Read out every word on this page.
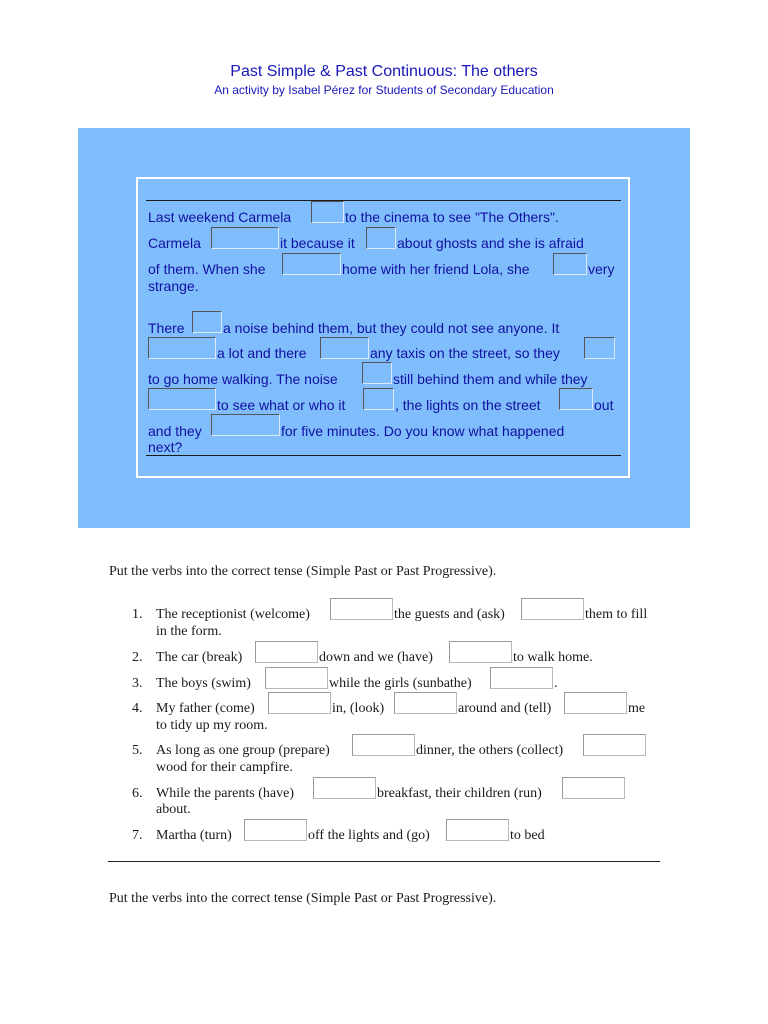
Past Simple & Past Continuous: The others
An activity by Isabel Pérez for Students of Secondary Education
Last weekend Carmela	to the cinema to see "The Others".
Carmela	it because it	about ghosts and she is afraid
of them. When she	home with her friend Lola, she	very
strange.
There	a noise behind them, but they could not see anyone. It
a lot and there	any taxis on the street, so they
to go home walking. The noise	still behind them and while they
to see what or who it	, the lights on the street	out
and they	for five minutes. Do you know what happened
next?
Put the verbs into the correct tense (Simple Past or Past Progressive).
1. The receptionist (welcome)	the guests and (ask)	them to fill
in the form.
2. The car (break)	down and we (have)	to walk home.
3. The boys (swim)	while the girls (sunbathe)	.
4. My father (come)	in, (look)	around and (tell)	me
to tidy up my room.
5. As long as one group (prepare)	dinner, the others (collect)
wood for their campfire.
6. While the parents (have)	breakfast, their children (run)
about.
7. Martha (turn)	off the lights and (go)	to bed
Put the verbs into the correct tense (Simple Past or Past Progressive).
